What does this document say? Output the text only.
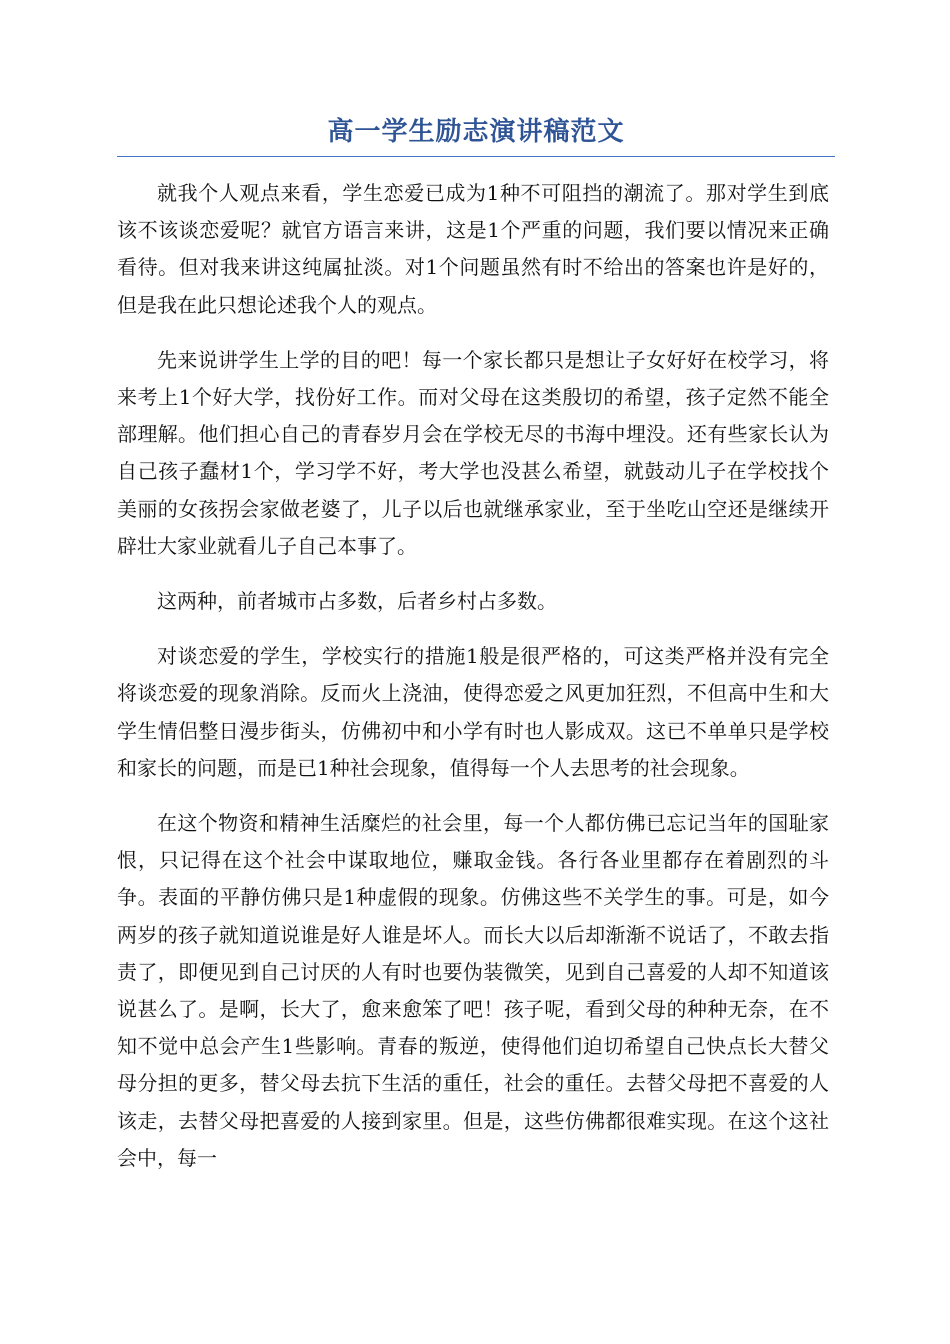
高一学生励志演讲稿范文

就我个人观点来看，学生恋爱已成为1种不可阻挡的潮流了。那对学生到底该不该谈恋爱呢？就官方语言来讲，这是1个严重的问题，我们要以情况来正确看待。但对我来讲这纯属扯淡。对1个问题虽然有时不给出的答案也许是好的，但是我在此只想论述我个人的观点。

先来说讲学生上学的目的吧！每一个家长都只是想让子女好好在校学习，将来考上1个好大学，找份好工作。而对父母在这类殷切的希望，孩子定然不能全部理解。他们担心自己的青春岁月会在学校无尽的书海中埋没。还有些家长认为自己孩子蠢材1个，学习学不好，考大学也没甚么希望，就鼓动儿子在学校找个美丽的女孩拐会家做老婆了，儿子以后也就继承家业，至于坐吃山空还是继续开辟壮大家业就看儿子自己本事了。

这两种，前者城市占多数，后者乡村占多数。

对谈恋爱的学生，学校实行的措施1般是很严格的，可这类严格并没有完全将谈恋爱的现象消除。反而火上浇油，使得恋爱之风更加狂烈，不但高中生和大学生情侣整日漫步街头，仿佛初中和小学有时也人影成双。这已不单单只是学校和家长的问题，而是已1种社会现象，值得每一个人去思考的社会现象。

在这个物资和精神生活糜烂的社会里，每一个人都仿佛已忘记当年的国耻家恨，只记得在这个社会中谋取地位，赚取金钱。各行各业里都存在着剧烈的斗争。表面的平静仿佛只是1种虚假的现象。仿佛这些不关学生的事。可是，如今两岁的孩子就知道说谁是好人谁是坏人。而长大以后却渐渐不说话了，不敢去指责了，即便见到自己讨厌的人有时也要伪装微笑，见到自己喜爱的人却不知道该说甚么了。是啊，长大了，愈来愈笨了吧！孩子呢，看到父母的种种无奈，在不知不觉中总会产生1些影响。青春的叛逆，使得他们迫切希望自己快点长大替父母分担的更多，替父母去抗下生活的重任，社会的重任。去替父母把不喜爱的人该走，去替父母把喜爱的人接到家里。但是，这些仿佛都很难实现。在这个这社会中，每一
